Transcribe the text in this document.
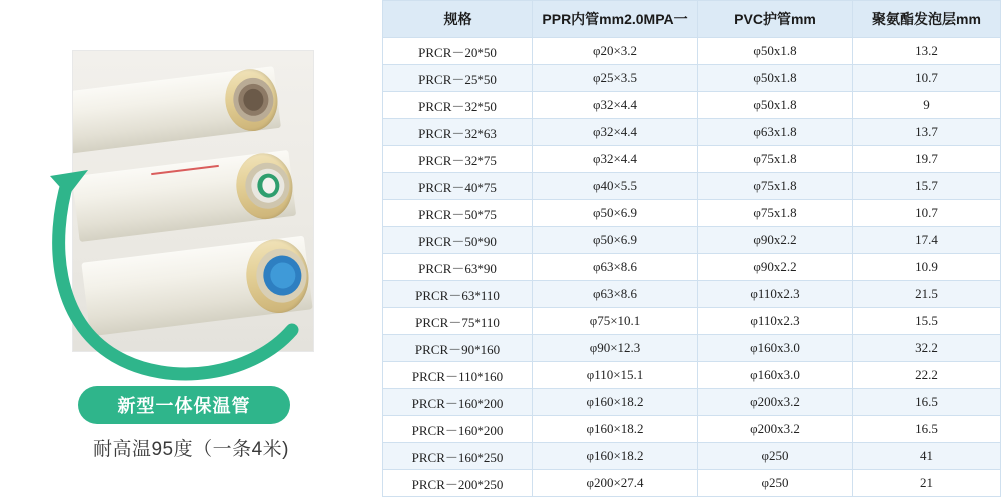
新型一体保温管
耐高温95度（一条4米)
规格	PPR内管mm2.0MPA一	PVC护管mm	聚氨酯发泡层mm
PRCR－20*50	φ20×3.2	φ50x1.8	13.2
PRCR－25*50	φ25×3.5	φ50x1.8	10.7
PRCR－32*50	φ32×4.4	φ50x1.8	9
PRCR－32*63	φ32×4.4	φ63x1.8	13.7
PRCR－32*75	φ32×4.4	φ75x1.8	19.7
PRCR－40*75	φ40×5.5	φ75x1.8	15.7
PRCR－50*75	φ50×6.9	φ75x1.8	10.7
PRCR－50*90	φ50×6.9	φ90x2.2	17.4
PRCR－63*90	φ63×8.6	φ90x2.2	10.9
PRCR－63*110	φ63×8.6	φ110x2.3	21.5
PRCR－75*110	φ75×10.1	φ110x2.3	15.5
PRCR－90*160	φ90×12.3	φ160x3.0	32.2
PRCR－110*160	φ110×15.1	φ160x3.0	22.2
PRCR－160*200	φ160×18.2	φ200x3.2	16.5
PRCR－160*200	φ160×18.2	φ200x3.2	16.5
PRCR－160*250	φ160×18.2	φ250	41
PRCR－200*250	φ200×27.4	φ250	21
